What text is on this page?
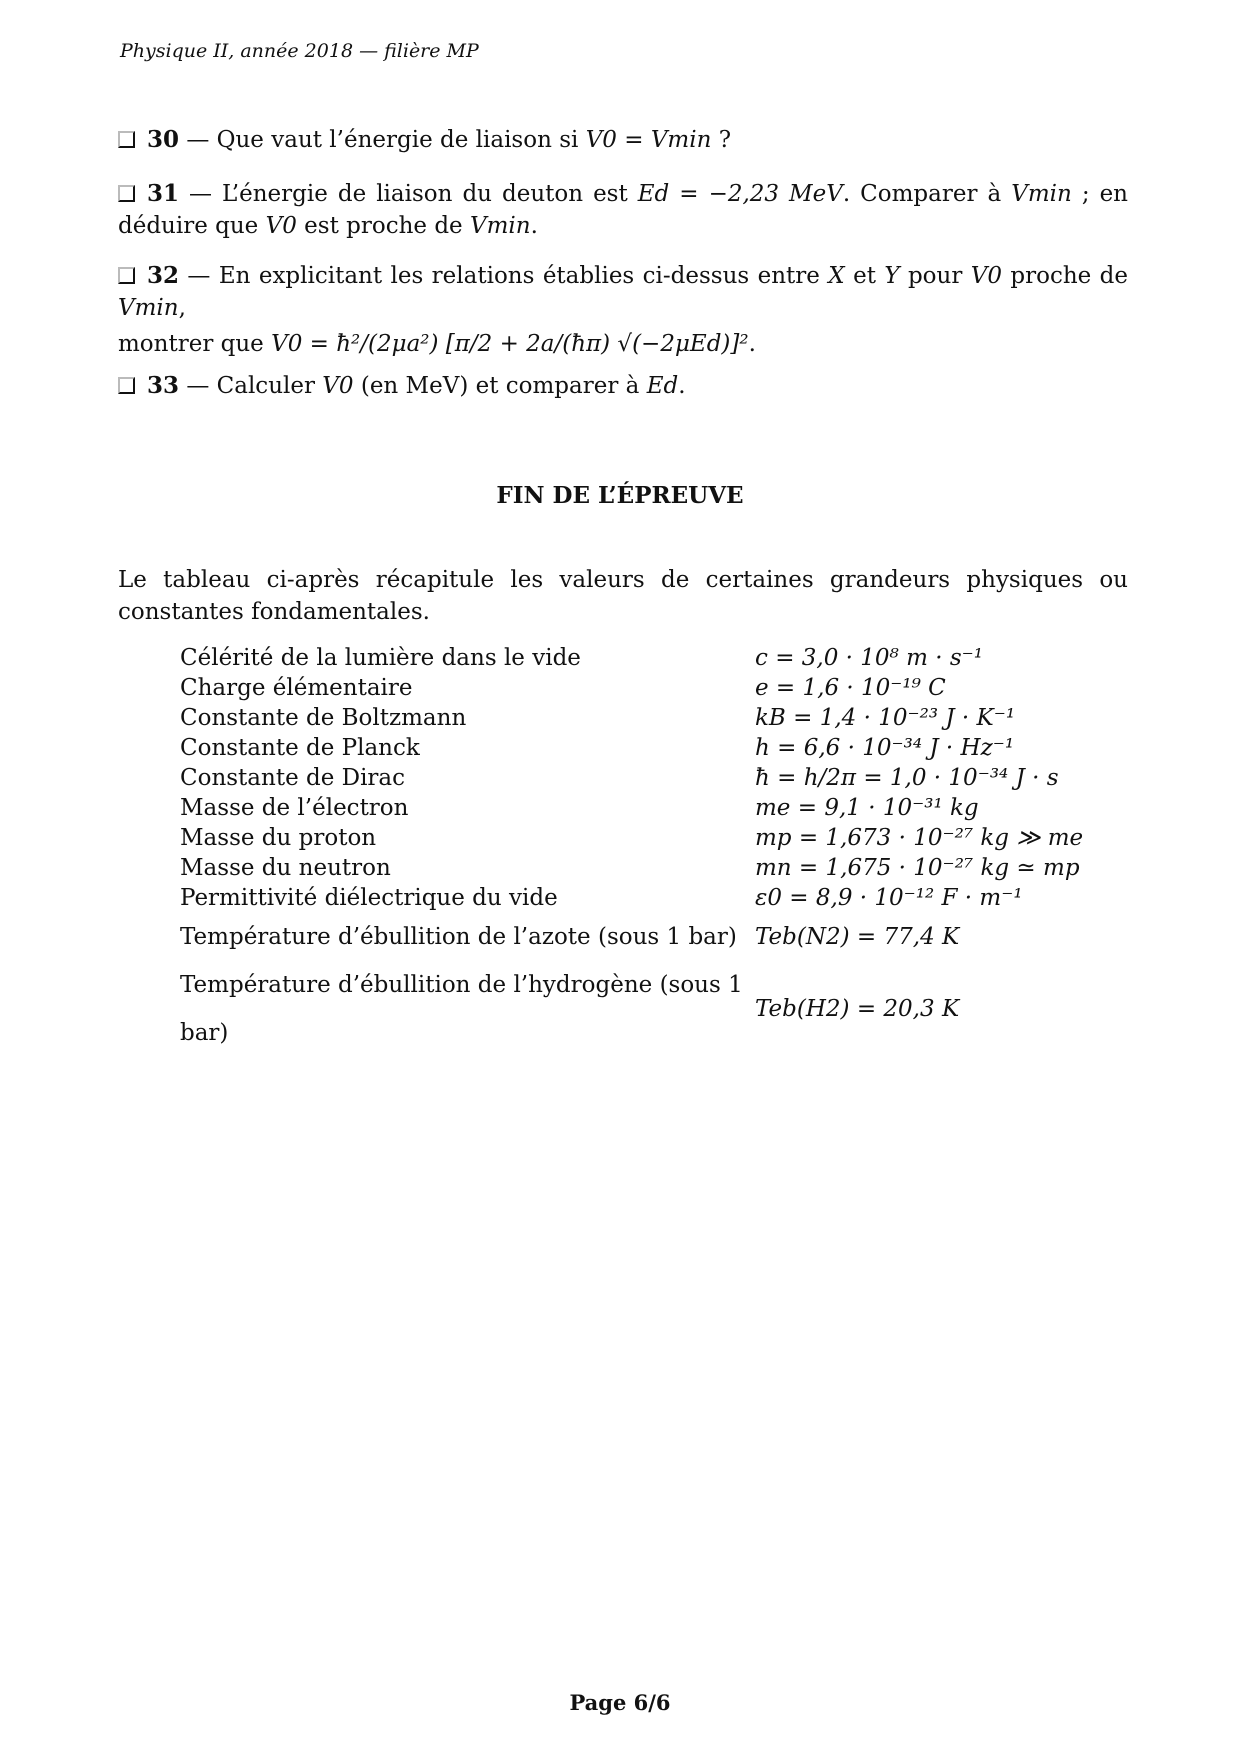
Physique II, année 2018 — filière MP
30 — Que vaut l’énergie de liaison si V0 = Vmin ?
31 — L’énergie de liaison du deuton est Ed = −2,23 MeV. Comparer à Vmin ; en déduire que V0 est proche de Vmin.
32 — En explicitant les relations établies ci-dessus entre X et Y pour V0 proche de Vmin,
montrer que V0 = ħ²/(2μa²) [π/2 + 2a/(ħπ) √(−2μEd)]².
33 — Calculer V0 (en MeV) et comparer à Ed.
FIN DE L’ÉPREUVE
Le tableau ci-après récapitule les valeurs de certaines grandeurs physiques ou constantes fondamentales.
Célérité de la lumière dans le vide	c = 3,0 · 10⁸ m · s⁻¹
Charge élémentaire	e = 1,6 · 10⁻¹⁹ C
Constante de Boltzmann	kB = 1,4 · 10⁻²³ J · K⁻¹
Constante de Planck	h = 6,6 · 10⁻³⁴ J · Hz⁻¹
Constante de Dirac	ħ = h/2π = 1,0 · 10⁻³⁴ J · s
Masse de l’électron	me = 9,1 · 10⁻³¹ kg
Masse du proton	mp = 1,673 · 10⁻²⁷ kg ≫ me
Masse du neutron	mn = 1,675 · 10⁻²⁷ kg ≃ mp
Permittivité diélectrique du vide	ε0 = 8,9 · 10⁻¹² F · m⁻¹
Température d’ébullition de l’azote (sous 1 bar)	Teb(N2) = 77,4 K
Température d’ébullition de l’hydrogène (sous 1 bar)	Teb(H2) = 20,3 K
Page 6/6
